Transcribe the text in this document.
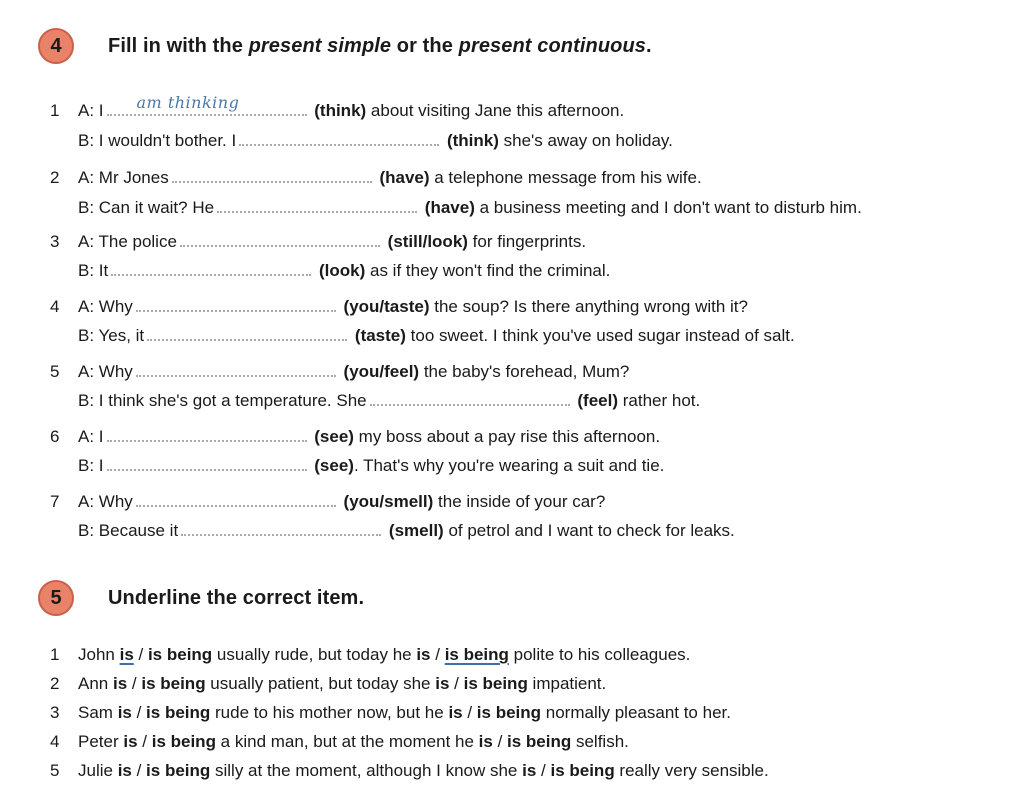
4	Fill in with the present simple or the present continuous.
1 A: I am thinking	(think) about visiting Jane this afternoon.
B: I wouldn't bother. I	(think) she's away on holiday.
2 A: Mr Jones	(have) a telephone message from his wife.
B: Can it wait? He	(have) a business meeting and I don't want to disturb him.
3 A: The police	(still/look) for fingerprints.
B: It	(look) as if they won't find the criminal.
4 A: Why	(you/taste) the soup? Is there anything wrong with it?
B: Yes, it	(taste) too sweet. I think you've used sugar instead of salt.
5 A: Why	(you/feel) the baby's forehead, Mum?
B: I think she's got a temperature. She	(feel) rather hot.
6 A: I	(see) my boss about a pay rise this afternoon.
B: I	(see). That's why you're wearing a suit and tie.
7 A: Why	(you/smell) the inside of your car?
B: Because it	(smell) of petrol and I want to check for leaks.
5	Underline the correct item.
1 John is / is being usually rude, but today he is / is being polite to his colleagues.
2 Ann is / is being usually patient, but today she is / is being impatient.
3 Sam is / is being rude to his mother now, but he is / is being normally pleasant to her.
4 Peter is / is being a kind man, but at the moment he is / is being selfish.
5 Julie is / is being silly at the moment, although I know she is / is being really very sensible.
